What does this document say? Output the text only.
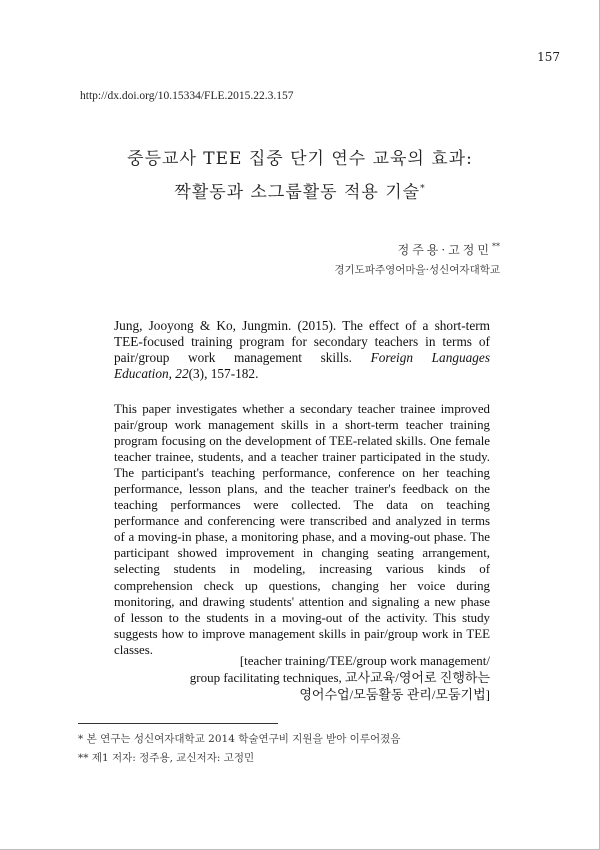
157
http://dx.doi.org/10.15334/FLE.2015.22.3.157
중등교사 TEE 집중 단기 연수 교육의 효과:
짝활동과 소그룹활동 적용 기술*
정주용·고정민**
경기도파주영어마을·성신여자대학교
Jung, Jooyong & Ko, Jungmin. (2015). The effect of a short-term
TEE-focused training program for secondary teachers in terms of
pair/group work management skills. Foreign Languages
Education, 22(3), 157-182.
This paper investigates whether a secondary teacher trainee improved pair/group work management skills in a short-term teacher training program focusing on the development of TEE-related skills. One female teacher trainee, students, and a teacher trainer participated in the study. The participant's teaching performance, conference on her teaching performance, lesson plans, and the teacher trainer's feedback on the teaching performances were collected. The data on teaching performance and conferencing were transcribed and analyzed in terms of a moving-in phase, a monitoring phase, and a moving-out phase. The participant showed improvement in changing seating arrangement, selecting students in modeling, increasing various kinds of comprehension check up questions, changing her voice during monitoring, and drawing students' attention and signaling a new phase of lesson to the students in a moving-out of the activity. This study suggests how to improve management skills in pair/group work in TEE classes.
[teacher training/TEE/group work management/
group facilitating techniques, 교사교육/영어로 진행하는
영어수업/모둠활동 관리/모둠기법]
* 본 연구는 성신여자대학교 2014 학술연구비 지원을 받아 이루어졌음
** 제1 저자: 정주용, 교신저자: 고정민
